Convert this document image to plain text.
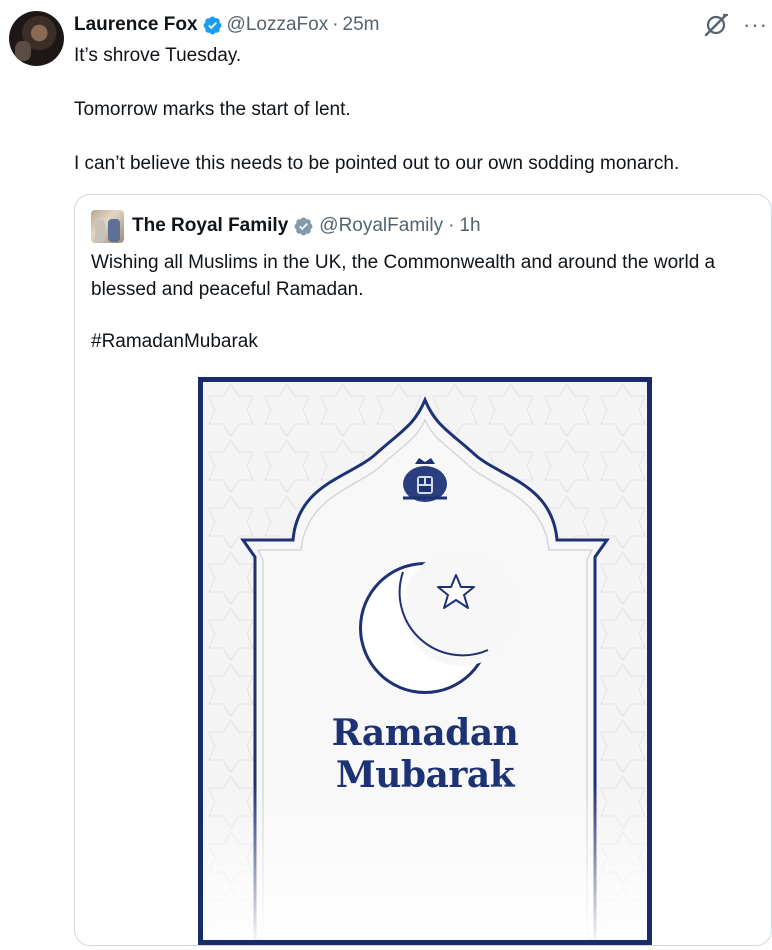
Laurence Fox @LozzaFox · 25m	···

It’s shrove Tuesday.

Tomorrow marks the start of lent.

I can’t believe this needs to be pointed out to our own sodding monarch.

The Royal Family @RoyalFamily · 1h

Wishing all Muslims in the UK, the Commonwealth and around the world a blessed and peaceful Ramadan.

#RamadanMubarak

Ramadan
Mubarak
